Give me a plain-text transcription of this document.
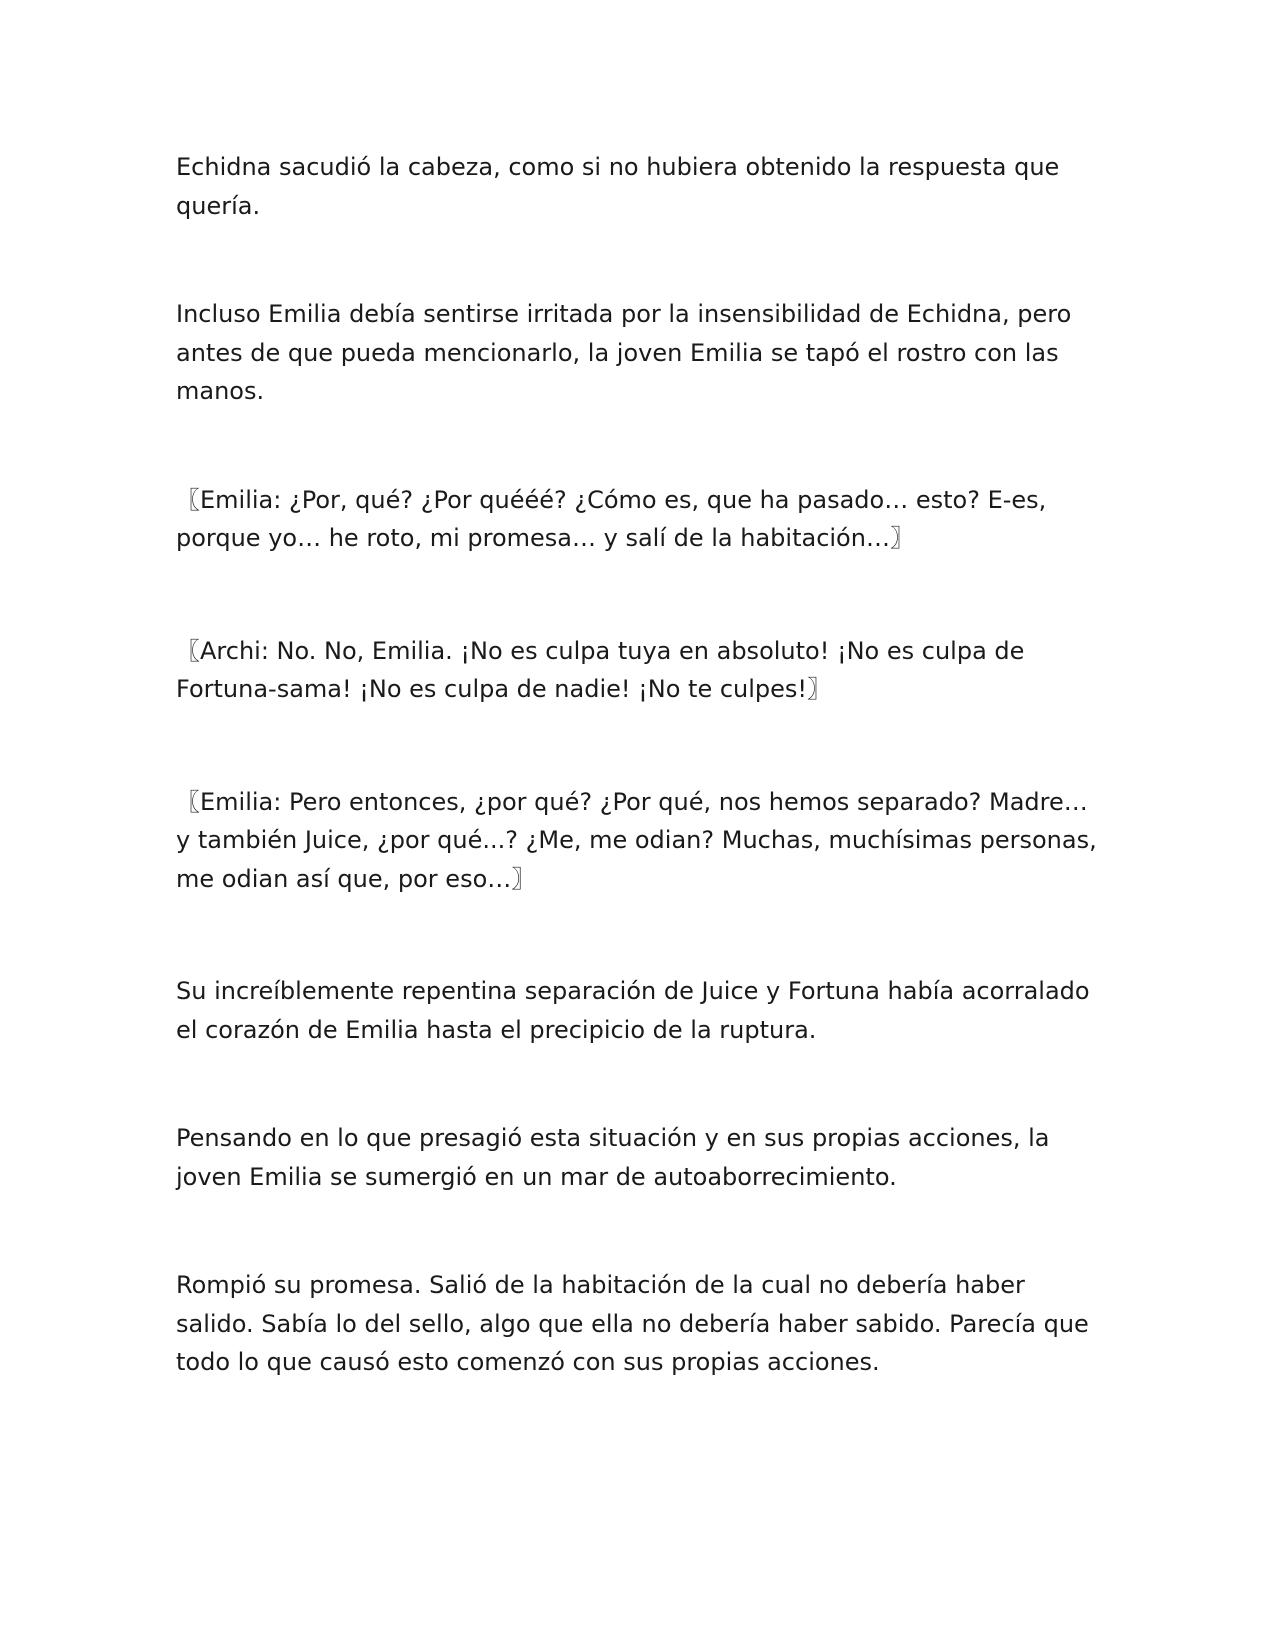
Echidna sacudió la cabeza, como si no hubiera obtenido la respuesta que quería.

Incluso Emilia debía sentirse irritada por la insensibilidad de Echidna, pero antes de que pueda mencionarlo, la joven Emilia se tapó el rostro con las manos.

〖Emilia: ¿Por, qué? ¿Por quééé? ¿Cómo es, que ha pasado… esto? E-es, porque yo… he roto, mi promesa… y salí de la habitación…〗

〖Archi: No. No, Emilia. ¡No es culpa tuya en absoluto! ¡No es culpa de Fortuna-sama! ¡No es culpa de nadie! ¡No te culpes!〗

〖Emilia: Pero entonces, ¿por qué? ¿Por qué, nos hemos separado? Madre… y también Juice, ¿por qué...? ¿Me, me odian? Muchas, muchísimas personas, me odian así que, por eso…〗

Su increíblemente repentina separación de Juice y Fortuna había acorralado el corazón de Emilia hasta el precipicio de la ruptura.

Pensando en lo que presagió esta situación y en sus propias acciones, la joven Emilia se sumergió en un mar de autoaborrecimiento.

Rompió su promesa. Salió de la habitación de la cual no debería haber salido. Sabía lo del sello, algo que ella no debería haber sabido. Parecía que todo lo que causó esto comenzó con sus propias acciones.
